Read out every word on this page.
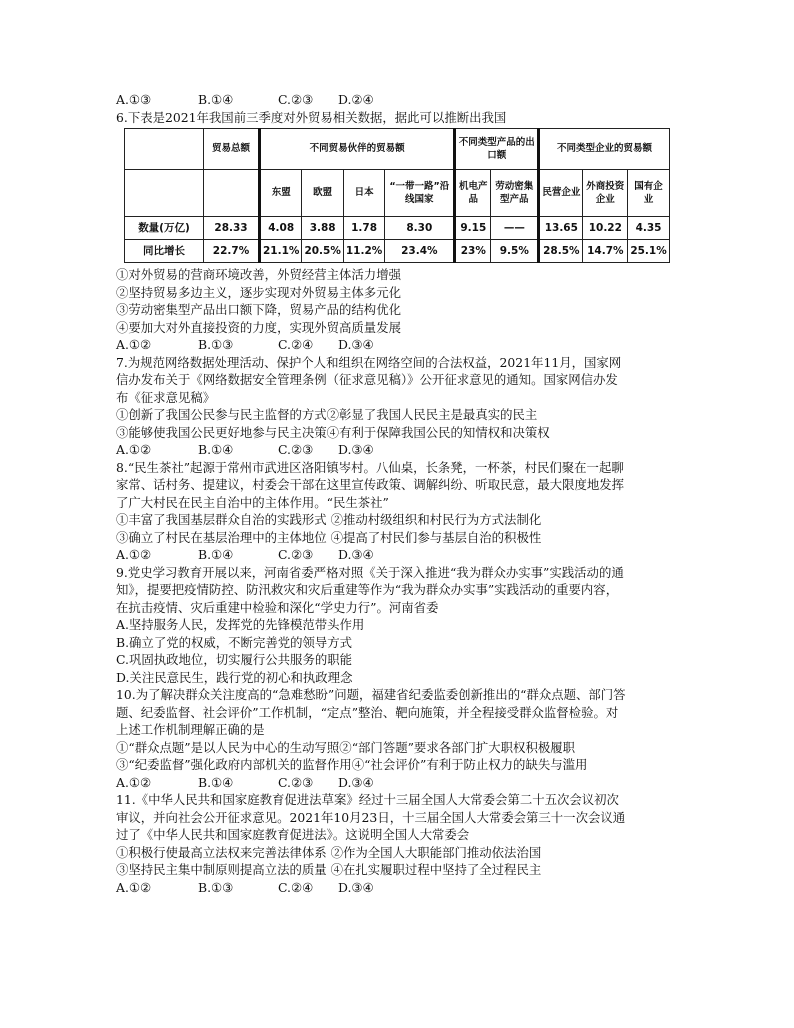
A.①③	B.①④	C.②③	D.②④
6.下表是2021年我国前三季度对外贸易相关数据，据此可以推断出我国
	贸易总额	不同贸易伙伴的贸易额				不同类型产品的出口额		不同类型企业的贸易额		
		东盟	欧盟	日本	“一带一路”沿线国家	机电产品	劳动密集型产品	民营企业	外商投资企业	国有企业
数量(万亿)	28.33	4.08	3.88	1.78	8.30	9.15	——	13.65	10.22	4.35
同比增长	22.7%	21.1%	20.5%	11.2%	23.4%	23%	9.5%	28.5%	14.7%	25.1%
①对外贸易的营商环境改善，外贸经营主体活力增强
②坚持贸易多边主义，逐步实现对外贸易主体多元化
③劳动密集型产品出口额下降，贸易产品的结构优化
④要加大对外直接投资的力度，实现外贸高质量发展
A.①②	B.①③	C.②④	D.③④
7.为规范网络数据处理活动、保护个人和组织在网络空间的合法权益，2021年11月，国家网
信办发布关于《网络数据安全管理条例（征求意见稿）》公开征求意见的通知。国家网信办发
布《征求意见稿》
①创新了我国公民参与民主监督的方式②彰显了我国人民民主是最真实的民主
③能够使我国公民更好地参与民主决策④有利于保障我国公民的知情权和决策权
A.①②	B.①④	C.②③	D.③④
8.“民生茶社”起源于常州市武进区洛阳镇岑村。八仙桌，长条凳，一杯茶，村民们聚在一起聊
家常、话村务、提建议，村委会干部在这里宣传政策、调解纠纷、听取民意，最大限度地发挥
了广大村民在民主自治中的主体作用。“民生茶社”
①丰富了我国基层群众自治的实践形式 ②推动村级组织和村民行为方式法制化
③确立了村民在基层治理中的主体地位 ④提高了村民们参与基层自治的积极性
A.①②	B.①④	C.②③	D.③④
9.党史学习教育开展以来，河南省委严格对照《关于深入推进“我为群众办实事”实践活动的通
知》，提要把疫情防控、防汛救灾和灾后重建等作为“我为群众办实事”实践活动的重要内容，
在抗击疫情、灾后重建中检验和深化“学史力行”。河南省委
A.坚持服务人民，发挥党的先锋模范带头作用
B.确立了党的权威，不断完善党的领导方式
C.巩固执政地位，切实履行公共服务的职能
D.关注民意民生，践行党的初心和执政理念
10.为了解决群众关注度高的“急难愁盼”问题，福建省纪委监委创新推出的“群众点题、部门答
题、纪委监督、社会评价”工作机制，“定点”整治、靶向施策，并全程接受群众监督检验。对
上述工作机制理解正确的是
①“群众点题”是以人民为中心的生动写照②“部门答题”要求各部门扩大职权积极履职
③“纪委监督”强化政府内部机关的监督作用④“社会评价”有利于防止权力的缺失与滥用
A.①②	B.①④	C.②③	D.③④
11.《中华人民共和国家庭教育促进法草案》经过十三届全国人大常委会第二十五次会议初次
审议，并向社会公开征求意见。2021年10月23日，十三届全国人大常委会第三十一次会议通
过了《中华人民共和国家庭教育促进法》。这说明全国人大常委会
①积极行使最高立法权来完善法律体系 ②作为全国人大职能部门推动依法治国
③坚持民主集中制原则提高立法的质量 ④在扎实履职过程中坚持了全过程民主
A.①②	B.①③	C.②④	D.③④
